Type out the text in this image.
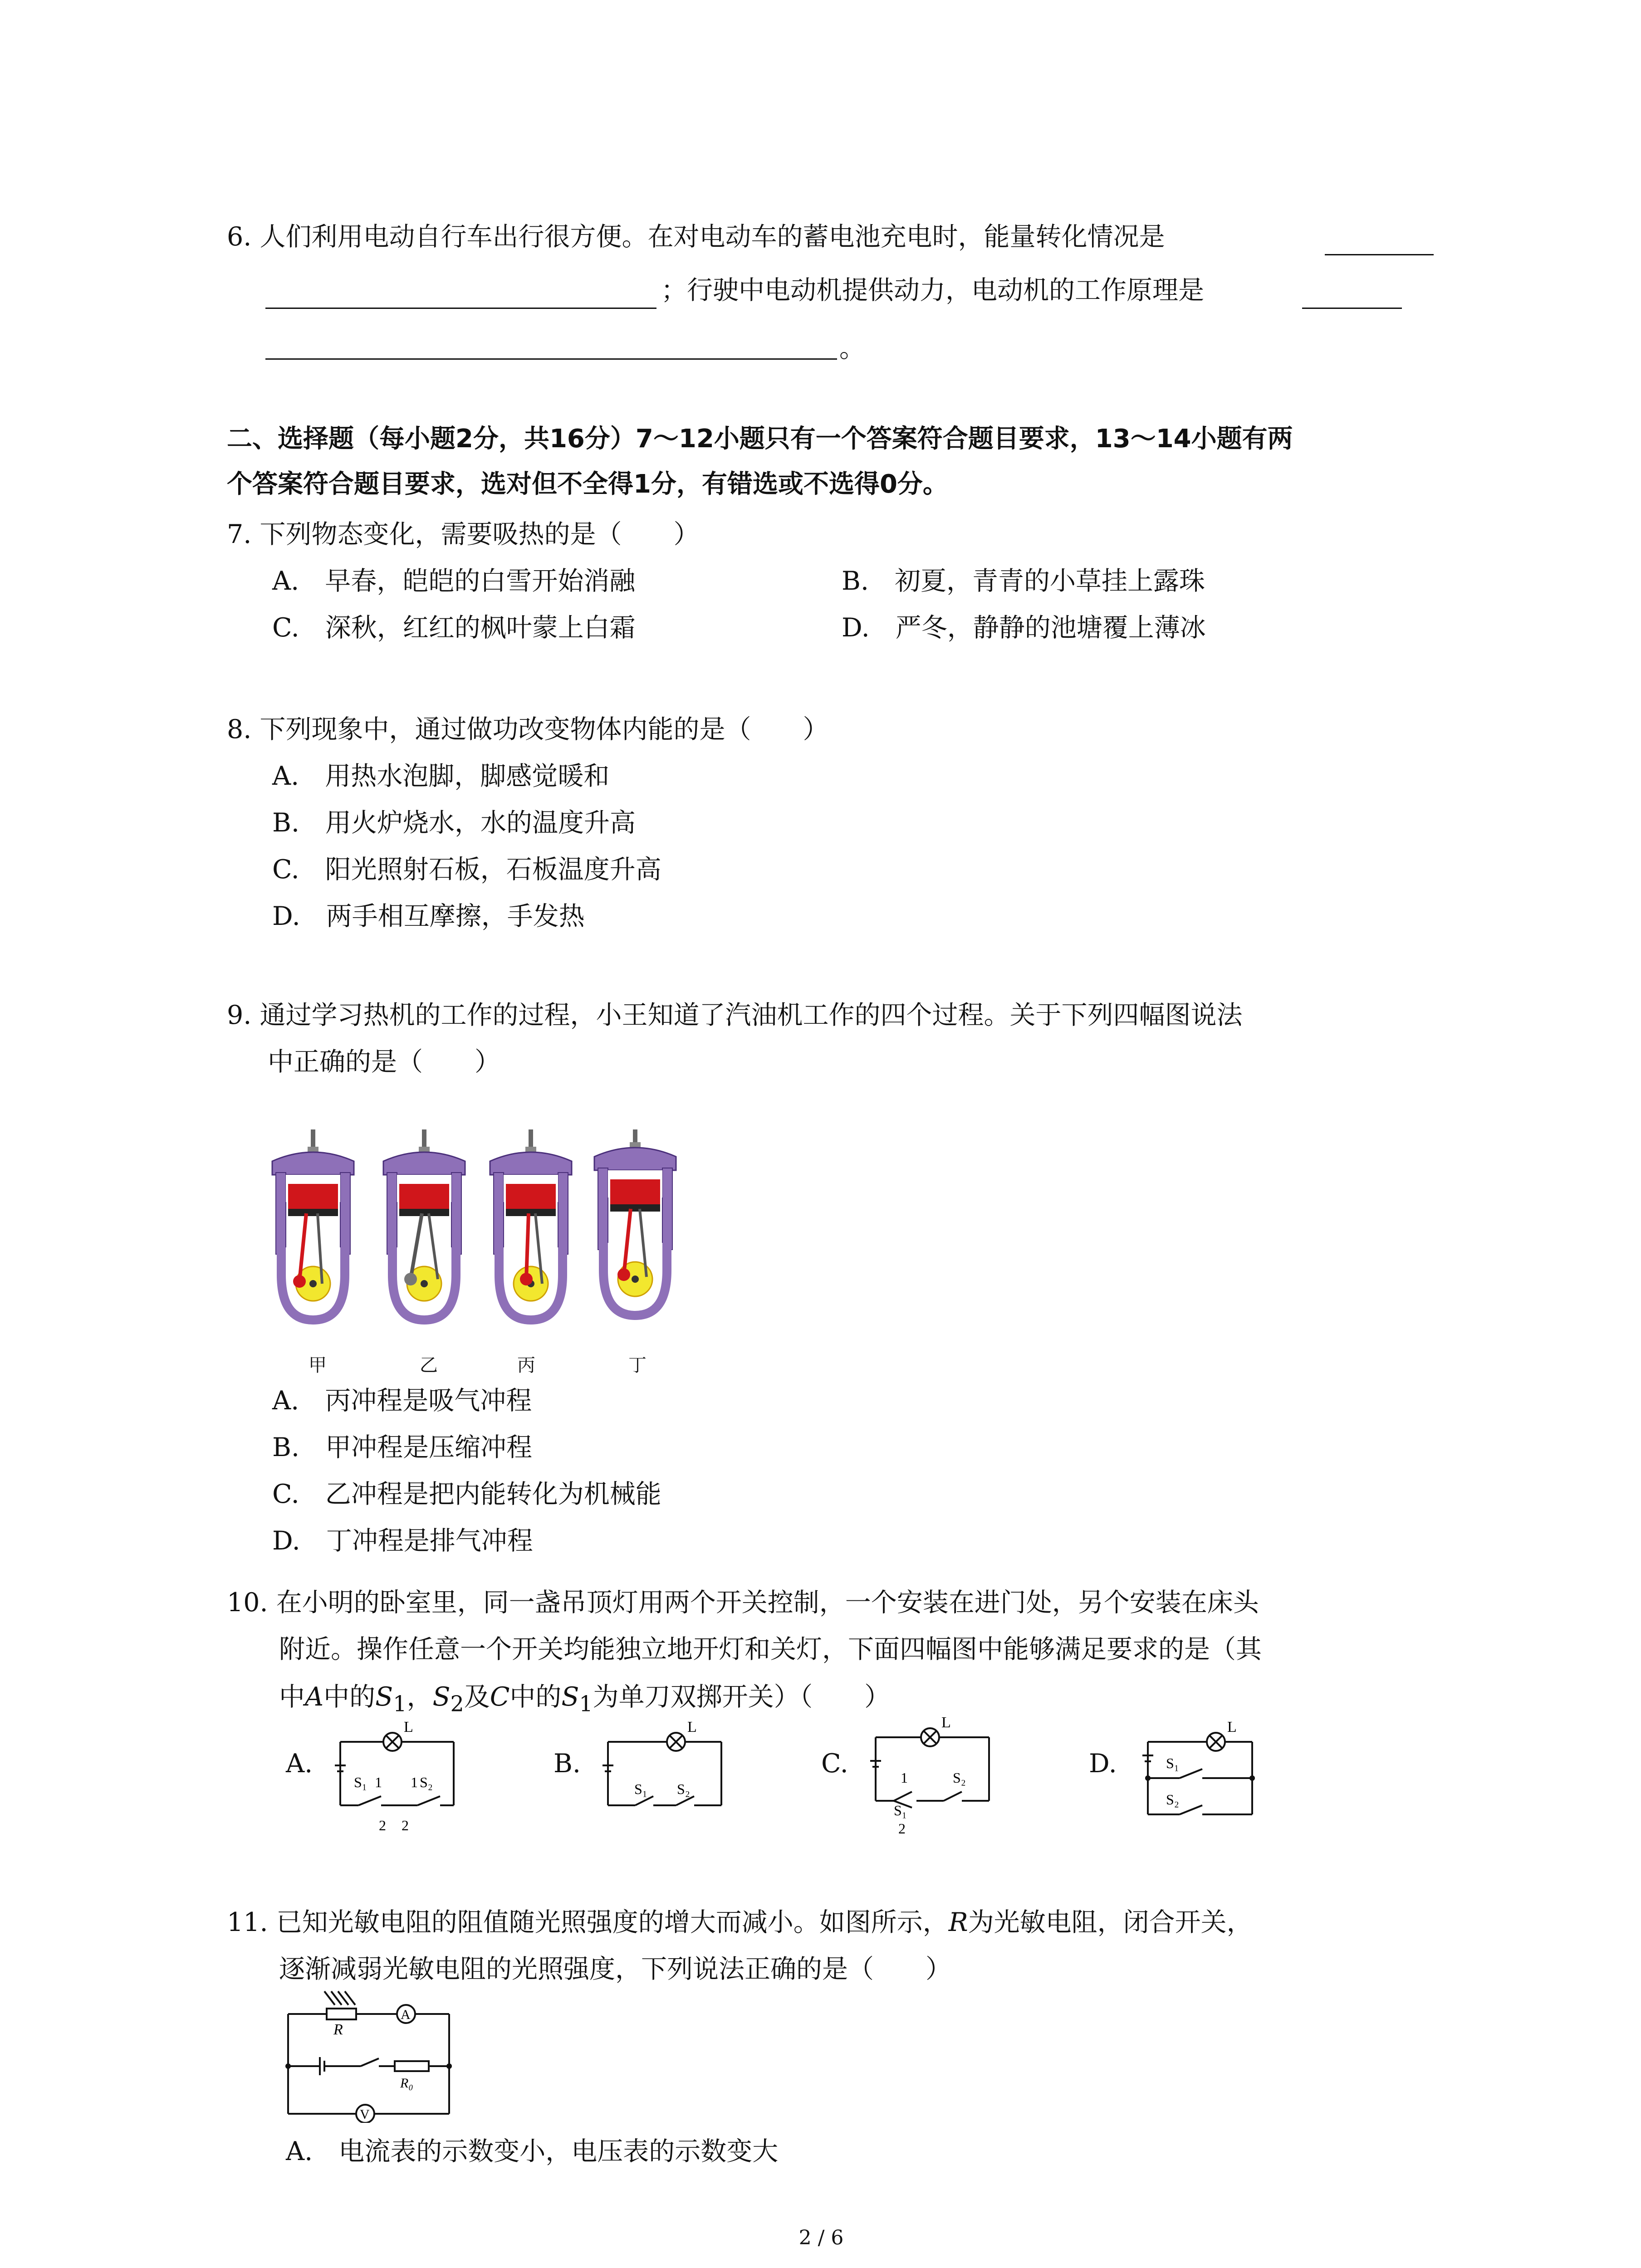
6. 人们利用电动自行车出行很方便。在对电动车的蓄电池充电时，能量转化情况是
；行驶中电动机提供动力，电动机的工作原理是
。
二、选择题（每小题2分，共16分）7～12小题只有一个答案符合题目要求，13～14小题有两
个答案符合题目要求，选对但不全得1分，有错选或不选得0分。
7. 下列物态变化，需要吸热的是（　　）
A.　早春，皑皑的白雪开始消融	B.　初夏，青青的小草挂上露珠
C.　深秋，红红的枫叶蒙上白霜	D.　严冬，静静的池塘覆上薄冰
8. 下列现象中，通过做功改变物体内能的是（　　）
A.　用热水泡脚，脚感觉暖和
B.　用火炉烧水，水的温度升高
C.　阳光照射石板，石板温度升高
D.　两手相互摩擦，手发热
9. 通过学习热机的工作的过程，小王知道了汽油机工作的四个过程。关于下列四幅图说法
中正确的是（　　）
甲	乙	丙	丁
A.　丙冲程是吸气冲程
B.　甲冲程是压缩冲程
C.　乙冲程是把内能转化为机械能
D.　丁冲程是排气冲程
10. 在小明的卧室里，同一盏吊顶灯用两个开关控制，一个安装在进门处，另个安装在床头
附近。操作任意一个开关均能独立地开灯和关灯，下面四幅图中能够满足要求的是（其
中A中的$S_1$，$S_2$及C中的$S_1$为单刀双掷开关）（　　）
A.	B.	C.	D.
L
S₁ 1 1 S₂
2 2
L
S₁ S₂
L
1
S₁
2
S₂
L
S₁
S₂
11. 已知光敏电阻的阻值随光照强度的增大而减小。如图所示，R为光敏电阻，闭合开关，
逐渐减弱光敏电阻的光照强度，下列说法正确的是（　　）
R
A
V
R₀
A.　电流表的示数变小，电压表的示数变大
2 / 6
